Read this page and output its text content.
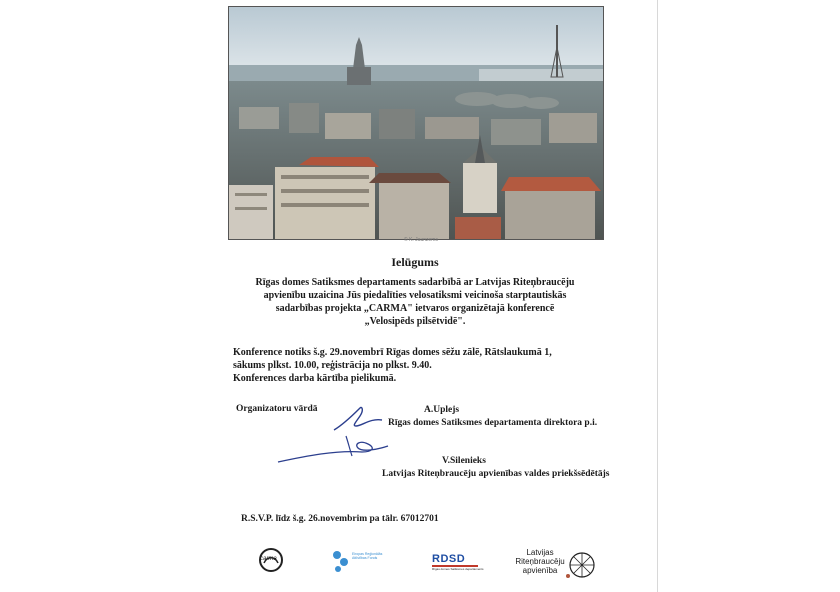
© K. Jaunzems
Ielūgums
Rīgas domes Satiksmes departaments sadarbībā ar Latvijas Riteņbraucēju
apvienību uzaicina Jūs piedalīties velosatiksmi veicinoša starptautiskās
sadarbības projekta „CARMA" ietvaros organizētajā konferencē
„Velosipēds pilsētvidē".
Konference notiks š.g. 29.novembrī Rīgas domes sēžu zālē, Rātslaukumā 1,
sākums plkst. 10.00, reģistrācija no plkst. 9.40.
Konferences darba kārtība pielikumā.
Organizatoru vārdā	A.Uplejs
Rīgas domes Satiksmes departamenta direktora p.i.
V.Silenieks
Latvijas Riteņbraucēju apvienības valdes priekšsēdētājs
R.S.V.P. līdz š.g. 26.novembrim pa tālr. 67012701
carma
Eiropas Reģionālās Attīstības Fonds	RDSD
Rīgas domes Satiksmes departaments
Latvijas
Riteņbraucēju
apvienība
